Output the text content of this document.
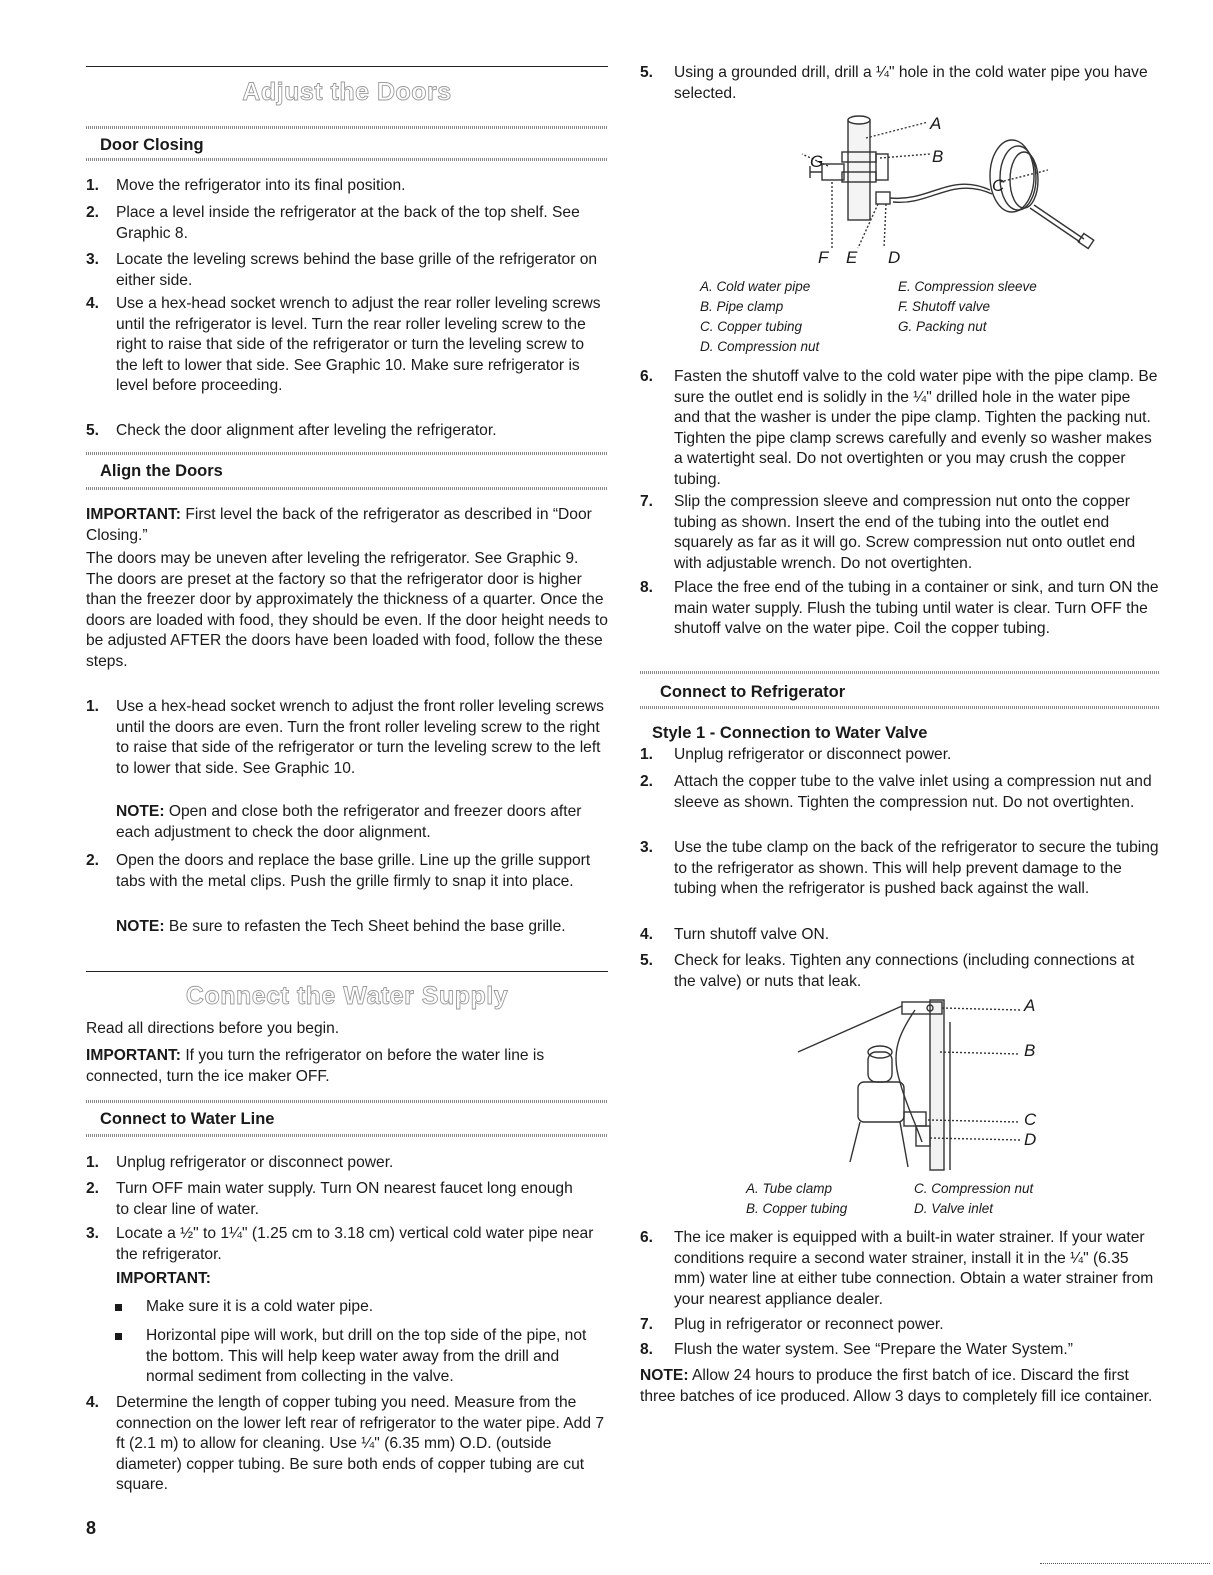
Adjust the Doors
Door Closing
1. Move the refrigerator into its final position.
2. Place a level inside the refrigerator at the back of the top shelf. See Graphic 8.
3. Locate the leveling screws behind the base grille of the refrigerator on either side.
4. Use a hex-head socket wrench to adjust the rear roller leveling screws until the refrigerator is level. Turn the rear roller leveling screw to the right to raise that side of the refrigerator or turn the leveling screw to the left to lower that side. See Graphic 10. Make sure refrigerator is level before proceeding.
5. Check the door alignment after leveling the refrigerator.
Align the Doors
IMPORTANT: First level the back of the refrigerator as described in “Door Closing.”
The doors may be uneven after leveling the refrigerator. See Graphic 9. The doors are preset at the factory so that the refrigerator door is higher than the freezer door by approximately the thickness of a quarter. Once the doors are loaded with food, they should be even. If the door height needs to be adjusted AFTER the doors have been loaded with food, follow the these steps.
1. Use a hex-head socket wrench to adjust the front roller leveling screws until the doors are even. Turn the front roller leveling screw to the right to raise that side of the refrigerator or turn the leveling screw to the left to lower that side. See Graphic 10.
NOTE: Open and close both the refrigerator and freezer doors after each adjustment to check the door alignment.
2. Open the doors and replace the base grille. Line up the grille support tabs with the metal clips. Push the grille firmly to snap it into place.
NOTE: Be sure to refasten the Tech Sheet behind the base grille.
Connect the Water Supply
Read all directions before you begin.
IMPORTANT: If you turn the refrigerator on before the water line is connected, turn the ice maker OFF.
Connect to Water Line
1. Unplug refrigerator or disconnect power.
2. Turn OFF main water supply. Turn ON nearest faucet long enough to clear line of water.
3. Locate a ½" to 1¼" (1.25 cm to 3.18 cm) vertical cold water pipe near the refrigerator.
IMPORTANT:
Make sure it is a cold water pipe.
Horizontal pipe will work, but drill on the top side of the pipe, not the bottom. This will help keep water away from the drill and normal sediment from collecting in the valve.
4. Determine the length of copper tubing you need. Measure from the connection on the lower left rear of refrigerator to the water pipe. Add 7 ft (2.1 m) to allow for cleaning. Use ¼" (6.35 mm) O.D. (outside diameter) copper tubing. Be sure both ends of copper tubing are cut square.
8
5. Using a grounded drill, drill a ¼" hole in the cold water pipe you have selected.
A
B
G
C
F E D
A. Cold water pipe
B. Pipe clamp
C. Copper tubing
D. Compression nut
E. Compression sleeve
F. Shutoff valve
G. Packing nut
6. Fasten the shutoff valve to the cold water pipe with the pipe clamp. Be sure the outlet end is solidly in the ¼" drilled hole in the water pipe and that the washer is under the pipe clamp. Tighten the packing nut. Tighten the pipe clamp screws carefully and evenly so washer makes a watertight seal. Do not overtighten or you may crush the copper tubing.
7. Slip the compression sleeve and compression nut onto the copper tubing as shown. Insert the end of the tubing into the outlet end squarely as far as it will go. Screw compression nut onto outlet end with adjustable wrench. Do not overtighten.
8. Place the free end of the tubing in a container or sink, and turn ON the main water supply. Flush the tubing until water is clear. Turn OFF the shutoff valve on the water pipe. Coil the copper tubing.
Connect to Refrigerator
Style 1 - Connection to Water Valve
1. Unplug refrigerator or disconnect power.
2. Attach the copper tube to the valve inlet using a compression nut and sleeve as shown. Tighten the compression nut. Do not overtighten.
3. Use the tube clamp on the back of the refrigerator to secure the tubing to the refrigerator as shown. This will help prevent damage to the tubing when the refrigerator is pushed back against the wall.
4. Turn shutoff valve ON.
5. Check for leaks. Tighten any connections (including connections at the valve) or nuts that leak.
A
B
C
D
A. Tube clamp
B. Copper tubing
C. Compression nut
D. Valve inlet
6. The ice maker is equipped with a built-in water strainer. If your water conditions require a second water strainer, install it in the ¼" (6.35 mm) water line at either tube connection. Obtain a water strainer from your nearest appliance dealer.
7. Plug in refrigerator or reconnect power.
8. Flush the water system. See “Prepare the Water System.”
NOTE: Allow 24 hours to produce the first batch of ice. Discard the first three batches of ice produced. Allow 3 days to completely fill ice container.
